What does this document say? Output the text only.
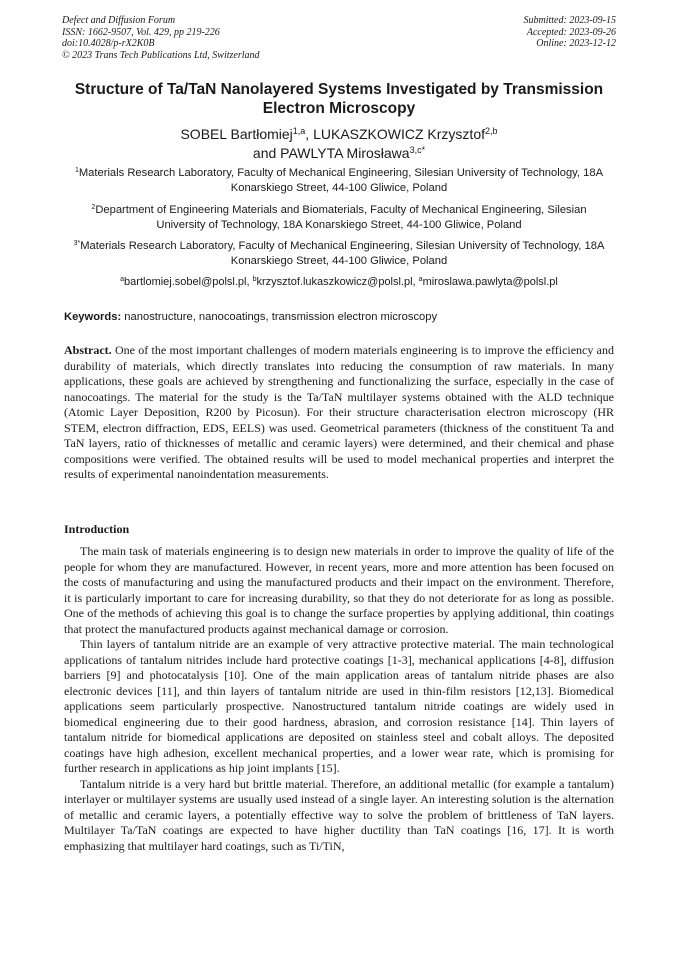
Defect and Diffusion Forum
ISSN: 1662-9507, Vol. 429, pp 219-226
doi:10.4028/p-rX2K0B
© 2023 Trans Tech Publications Ltd, Switzerland
Submitted: 2023-09-15
Accepted: 2023-09-26
Online: 2023-12-12
Structure of Ta/TaN Nanolayered Systems Investigated by Transmission Electron Microscopy
SOBEL Bartłomiej$^{1,a}$, LUKASZKOWICZ Krzysztof$^{2,b}$
and PAWLYTA Mirosława$^{3,c*}$
$^1$Materials Research Laboratory, Faculty of Mechanical Engineering, Silesian University of Technology, 18A Konarskiego Street, 44-100 Gliwice, Poland
$^2$Department of Engineering Materials and Biomaterials, Faculty of Mechanical Engineering, Silesian University of Technology, 18A Konarskiego Street, 44-100 Gliwice, Poland
$^{3*}$Materials Research Laboratory, Faculty of Mechanical Engineering, Silesian University of Technology, 18A Konarskiego Street, 44-100 Gliwice, Poland
$^a$bartlomiej.sobel@polsl.pl, $^b$krzysztof.lukaszkowicz@polsl.pl, $^a$miroslawa.pawlyta@polsl.pl
Keywords: nanostructure, nanocoatings, transmission electron microscopy

Abstract. One of the most important challenges of modern materials engineering is to improve the efficiency and durability of materials, which directly translates into reducing the consumption of raw materials. In many applications, these goals are achieved by strengthening and functionalizing the surface, especially in the case of nanocoatings. The material for the study is the Ta/TaN multilayer systems obtained with the ALD technique (Atomic Layer Deposition, R200 by Picosun). For their structure characterisation electron microscopy (HR STEM, electron diffraction, EDS, EELS) was used. Geometrical parameters (thickness of the constituent Ta and TaN layers, ratio of thicknesses of metallic and ceramic layers) were determined, and their chemical and phase compositions were verified. The obtained results will be used to model mechanical properties and interpret the results of experimental nanoindentation measurements.

Introduction

The main task of materials engineering is to design new materials in order to improve the quality of life of the people for whom they are manufactured. However, in recent years, more and more attention has been focused on the costs of manufacturing and using the manufactured products and their impact on the environment. Therefore, it is particularly important to care for increasing durability, so that they do not deteriorate for as long as possible. One of the methods of achieving this goal is to change the surface properties by applying additional, thin coatings that protect the manufactured products against mechanical damage or corrosion.

Thin layers of tantalum nitride are an example of very attractive protective material. The main technological applications of tantalum nitrides include hard protective coatings [1-3], mechanical applications [4-8], diffusion barriers [9] and photocatalysis [10]. One of the main application areas of tantalum nitride phases are also electronic devices [11], and thin layers of tantalum nitride are used in thin-film resistors [12,13]. Biomedical applications seem particularly prospective. Nanostructured tantalum nitride coatings are widely used in biomedical engineering due to their good hardness, abrasion, and corrosion resistance [14]. Thin layers of tantalum nitride for biomedical applications are deposited on stainless steel and cobalt alloys. The deposited coatings have high adhesion, excellent mechanical properties, and a lower wear rate, which is promising for further research in applications as hip joint implants [15].

Tantalum nitride is a very hard but brittle material. Therefore, an additional metallic (for example a tantalum) interlayer or multilayer systems are usually used instead of a single layer. An interesting solution is the alternation of metallic and ceramic layers, a potentially effective way to solve the problem of brittleness of TaN layers. Multilayer Ta/TaN coatings are expected to have higher ductility than TaN coatings [16, 17]. It is worth emphasizing that multilayer hard coatings, such as Ti/TiN,
